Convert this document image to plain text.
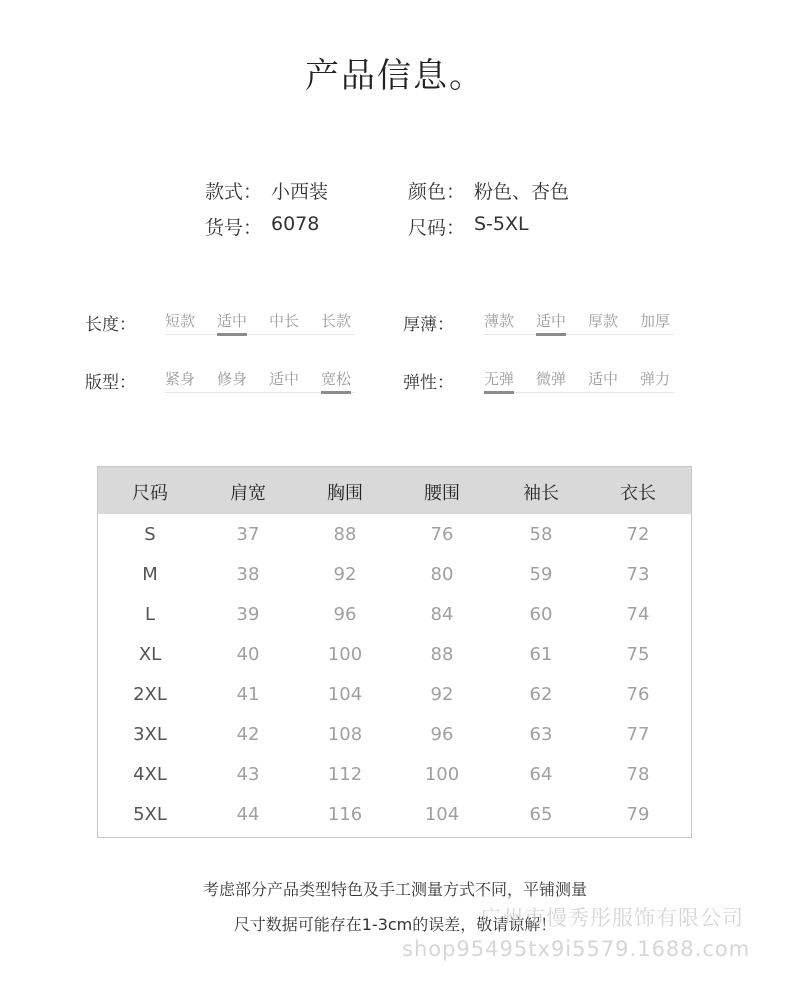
产品信息。
款式： 小西装
货号： 6078
颜色： 粉色、杏色
尺码： S-5XL
长度： 短款 适中 中长 长款	厚薄： 薄款 适中 厚款 加厚
版型： 紧身 修身 适中 宽松	弹性： 无弹 微弹 适中 弹力
尺码	肩宽	胸围	腰围	袖长	衣长
S	37	88	76	58	72
M	38	92	80	59	73
L	39	96	84	60	74
XL	40	100	88	61	75
2XL	41	104	92	62	76
3XL	42	108	96	63	77
4XL	43	112	100	64	78
5XL	44	116	104	65	79
考虑部分产品类型特色及手工测量方式不同，平铺测量
尺寸数据可能存在1-3cm的误差，敬请谅解！
广州市慢秀彤服饰有限公司
shop95495tx9i5579.1688.com
